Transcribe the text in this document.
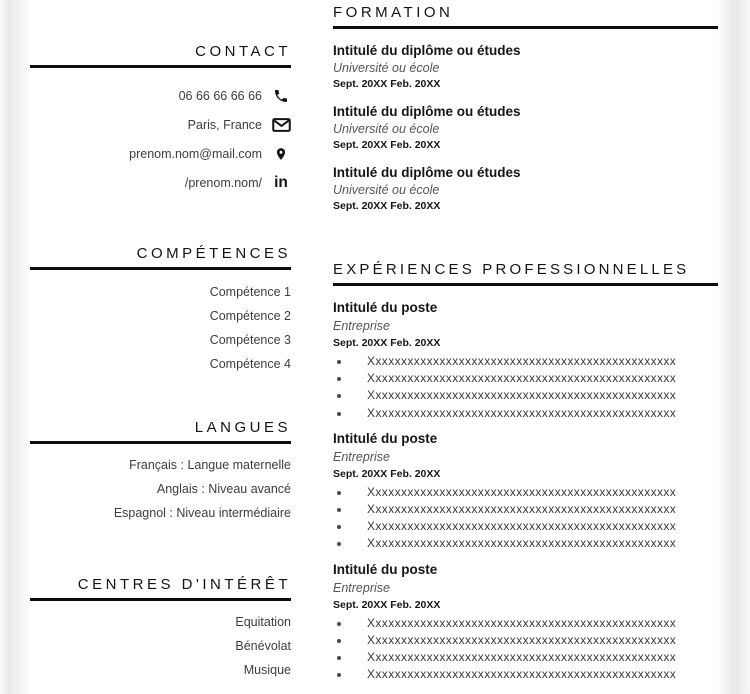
CONTACT
06 66 66 66 66
Paris, France
prenom.nom@mail.com
/prenom.nom/ in
COMPÉTENCES
Compétence 1
Compétence 2
Compétence 3
Compétence 4
LANGUES
Français : Langue maternelle
Anglais : Niveau avancé
Espagnol : Niveau intermédiaire
CENTRES D'INTÉRÊT
Equitation
Bénévolat
Musique
FORMATION
Intitulé du diplôme ou études
Université ou école
Sept. 20XX Feb. 20XX
Intitulé du diplôme ou études
Université ou école
Sept. 20XX Feb. 20XX
Intitulé du diplôme ou études
Université ou école
Sept. 20XX Feb. 20XX
EXPÉRIENCES PROFESSIONNELLES
Intitulé du poste
Entreprise
Sept. 20XX Feb. 20XX
Xxxxxxxxxxxxxxxxxxxxxxxxxxxxxxxxxxxxxxxxxxxxxxxx
Xxxxxxxxxxxxxxxxxxxxxxxxxxxxxxxxxxxxxxxxxxxxxxxx
Xxxxxxxxxxxxxxxxxxxxxxxxxxxxxxxxxxxxxxxxxxxxxxxx
Xxxxxxxxxxxxxxxxxxxxxxxxxxxxxxxxxxxxxxxxxxxxxxxx
Intitulé du poste
Entreprise
Sept. 20XX Feb. 20XX
Xxxxxxxxxxxxxxxxxxxxxxxxxxxxxxxxxxxxxxxxxxxxxxxx
Xxxxxxxxxxxxxxxxxxxxxxxxxxxxxxxxxxxxxxxxxxxxxxxx
Xxxxxxxxxxxxxxxxxxxxxxxxxxxxxxxxxxxxxxxxxxxxxxxx
Xxxxxxxxxxxxxxxxxxxxxxxxxxxxxxxxxxxxxxxxxxxxxxxx
Intitulé du poste
Entreprise
Sept. 20XX Feb. 20XX
Xxxxxxxxxxxxxxxxxxxxxxxxxxxxxxxxxxxxxxxxxxxxxxxx
Xxxxxxxxxxxxxxxxxxxxxxxxxxxxxxxxxxxxxxxxxxxxxxxx
Xxxxxxxxxxxxxxxxxxxxxxxxxxxxxxxxxxxxxxxxxxxxxxxx
Xxxxxxxxxxxxxxxxxxxxxxxxxxxxxxxxxxxxxxxxxxxxxxxx
